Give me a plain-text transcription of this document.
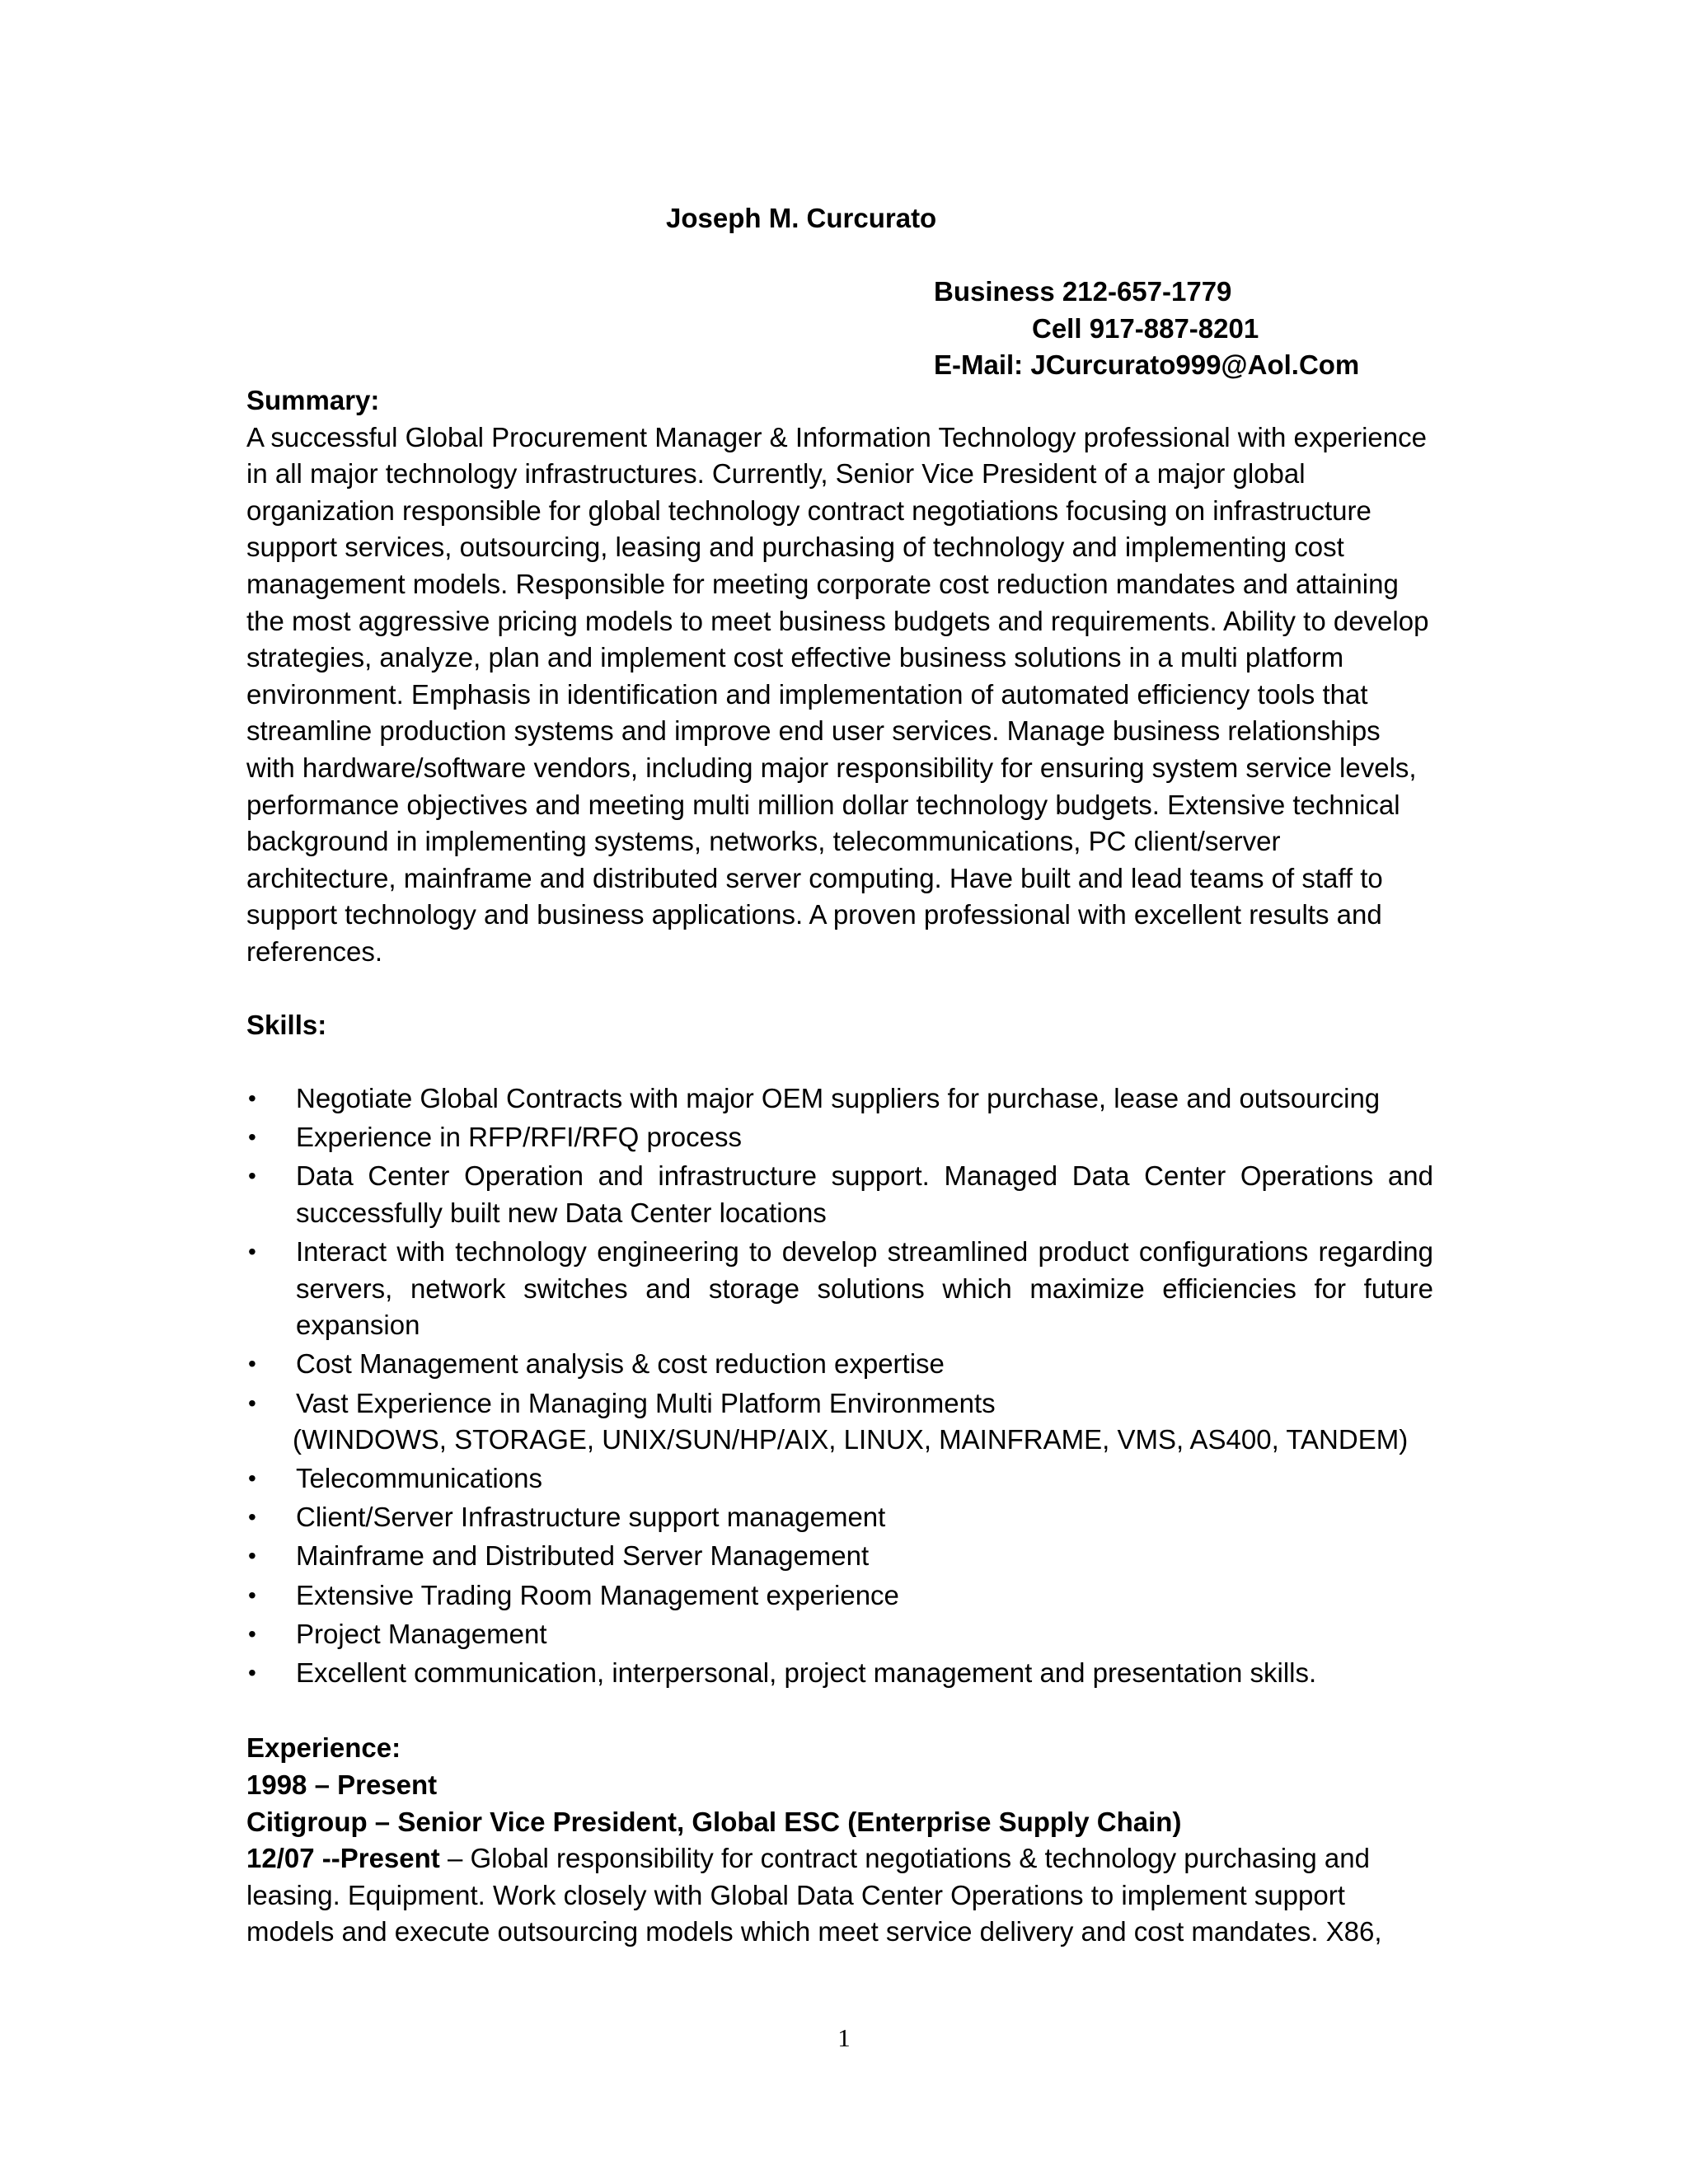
Joseph M. Curcurato
Business 212-657-1779
Cell 917-887-8201
E-Mail: JCurcurato999@Aol.Com
Summary:

A successful Global Procurement Manager & Information Technology professional with experience in all major technology infrastructures. Currently, Senior Vice President of a major global organization responsible for global technology contract negotiations focusing on infrastructure support services, outsourcing, leasing and purchasing of technology and implementing cost management models. Responsible for meeting corporate cost reduction mandates and attaining the most aggressive pricing models to meet business budgets and requirements. Ability to develop strategies, analyze, plan and implement cost effective business solutions in a multi platform environment. Emphasis in identification and implementation of automated efficiency tools that streamline production systems and improve end user services. Manage business relationships with hardware/software vendors, including major responsibility for ensuring system service levels, performance objectives and meeting multi million dollar technology budgets. Extensive technical background in implementing systems, networks, telecommunications, PC client/server architecture, mainframe and distributed server computing. Have built and lead teams of staff to support technology and business applications. A proven professional with excellent results and references.

Skills:
• Negotiate Global Contracts with major OEM suppliers for purchase, lease and outsourcing
• Experience in RFP/RFI/RFQ process
• Data Center Operation and infrastructure support. Managed Data Center Operations and successfully built new Data Center locations
• Interact with technology engineering to develop streamlined product configurations regarding servers, network switches and storage solutions which maximize efficiencies for future expansion
• Cost Management analysis & cost reduction expertise
• Vast Experience in Managing Multi Platform Environments
(WINDOWS, STORAGE, UNIX/SUN/HP/AIX, LINUX, MAINFRAME, VMS, AS400, TANDEM)
• Telecommunications
• Client/Server Infrastructure support management
• Mainframe and Distributed Server Management
• Extensive Trading Room Management experience
• Project Management
• Excellent communication, interpersonal, project management and presentation skills.
Experience:
1998 – Present
Citigroup – Senior Vice President, Global ESC (Enterprise Supply Chain)

12/07 --Present – Global responsibility for contract negotiations & technology purchasing and leasing. Equipment. Work closely with Global Data Center Operations to implement support models and execute outsourcing models which meet service delivery and cost mandates. X86,

1
